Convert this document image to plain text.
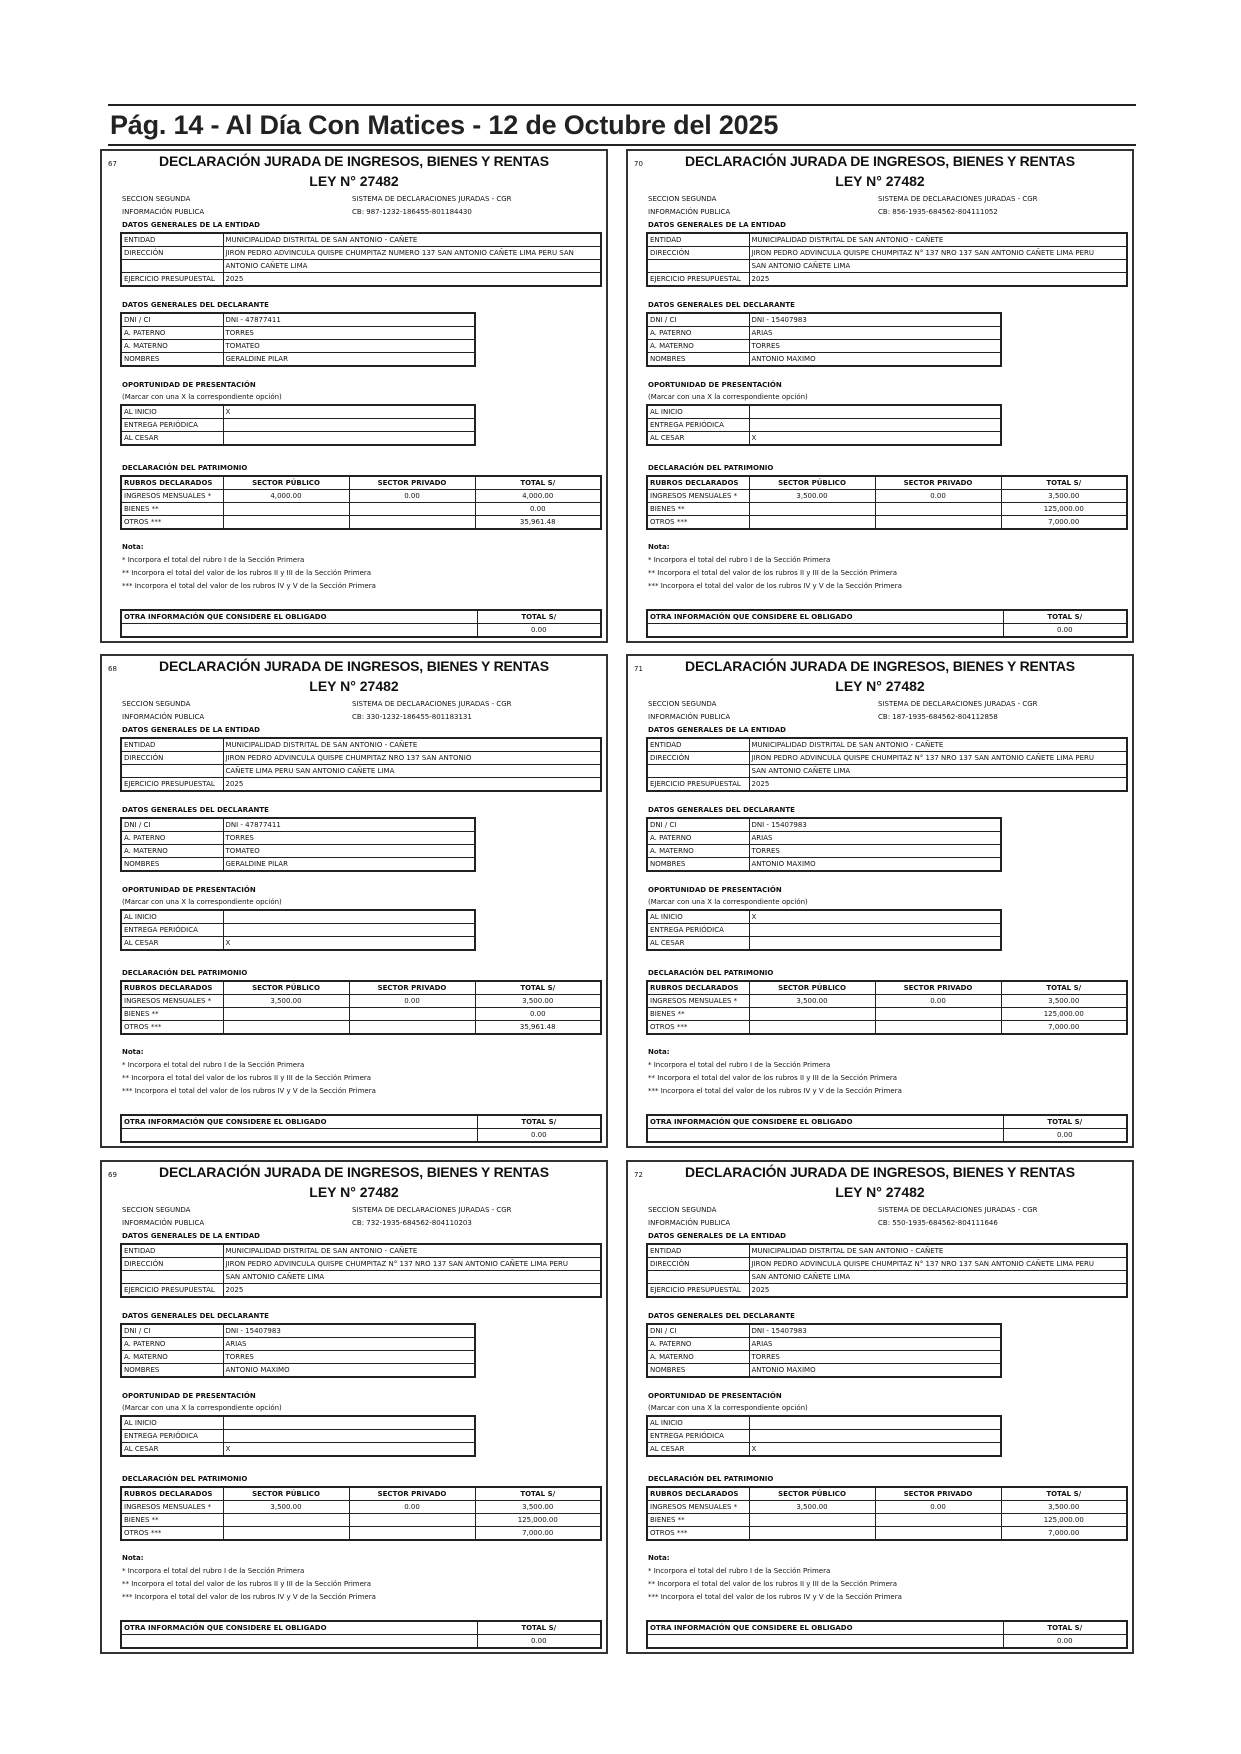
Pág. 14 - Al Día Con Matices - 12 de Octubre del 2025
67	DECLARACIÓN JURADA DE INGRESOS, BIENES Y RENTAS
LEY N° 27482
SECCION SEGUNDA
INFORMACIÓN PUBLICA
SISTEMA DE DECLARACIONES JURADAS - CGR
CB: 987-1232-186455-801184430
DATOS GENERALES DE LA ENTIDAD
ENTIDAD	MUNICIPALIDAD DISTRITAL DE SAN ANTONIO - CAÑETE
DIRECCIÓN	JIRON PEDRO ADVINCULA QUISPE CHUMPITAZ NUMERO 137 SAN ANTONIO CAÑETE LIMA PERU SAN
	ANTONIO CAÑETE LIMA
EJERCICIO PRESUPUESTAL	2025
DATOS GENERALES DEL DECLARANTE
DNI / CI	DNI - 47877411
A. PATERNO	TORRES
A. MATERNO	TOMATEO
NOMBRES	GERALDINE PILAR
OPORTUNIDAD DE PRESENTACIÓN
(Marcar con una X la correspondiente opción)
AL INICIO	X
ENTREGA PERIÓDICA	
AL CESAR	
DECLARACIÓN DEL PATRIMONIO
RUBROS DECLARADOS	SECTOR PÚBLICO	SECTOR PRIVADO	TOTAL S/
INGRESOS MENSUALES *	4,000.00	0.00	4,000.00
BIENES **			0.00
OTROS ***			35,961.48
Nota:
* Incorpora el total del rubro I de la Sección Primera
** Incorpora el total del valor de los rubros II y III de la Sección Primera
*** Incorpora el total del valor de los rubros IV y V de la Sección Primera
OTRA INFORMACIÓN QUE CONSIDERE EL OBLIGADO	TOTAL S/
	0.00
70	DECLARACIÓN JURADA DE INGRESOS, BIENES Y RENTAS
LEY N° 27482
SECCION SEGUNDA
INFORMACIÓN PUBLICA
SISTEMA DE DECLARACIONES JURADAS - CGR
CB: 856-1935-684562-804111052
DATOS GENERALES DE LA ENTIDAD
ENTIDAD	MUNICIPALIDAD DISTRITAL DE SAN ANTONIO - CAÑETE
DIRECCIÓN	JIRON PEDRO ADVINCULA QUISPE CHUMPITAZ N° 137 NRO 137 SAN ANTONIO CAÑETE LIMA PERU
	SAN ANTONIO CAÑETE LIMA
EJERCICIO PRESUPUESTAL	2025
DATOS GENERALES DEL DECLARANTE
DNI / CI	DNI - 15407983
A. PATERNO	ARIAS
A. MATERNO	TORRES
NOMBRES	ANTONIO MAXIMO
OPORTUNIDAD DE PRESENTACIÓN
(Marcar con una X la correspondiente opción)
AL INICIO	
ENTREGA PERIÓDICA	
AL CESAR	X
DECLARACIÓN DEL PATRIMONIO
RUBROS DECLARADOS	SECTOR PÚBLICO	SECTOR PRIVADO	TOTAL S/
INGRESOS MENSUALES *	3,500.00	0.00	3,500.00
BIENES **			125,000.00
OTROS ***			7,000.00
Nota:
* Incorpora el total del rubro I de la Sección Primera
** Incorpora el total del valor de los rubros II y III de la Sección Primera
*** Incorpora el total del valor de los rubros IV y V de la Sección Primera
OTRA INFORMACIÓN QUE CONSIDERE EL OBLIGADO	TOTAL S/
	0.00
68	DECLARACIÓN JURADA DE INGRESOS, BIENES Y RENTAS
LEY N° 27482
SECCION SEGUNDA
INFORMACIÓN PUBLICA
SISTEMA DE DECLARACIONES JURADAS - CGR
CB: 330-1232-186455-801183131
DATOS GENERALES DE LA ENTIDAD
ENTIDAD	MUNICIPALIDAD DISTRITAL DE SAN ANTONIO - CAÑETE
DIRECCIÓN	JIRON PEDRO ADVINCULA QUISPE CHUMPITAZ NRO 137 SAN ANTONIO
	CAÑETE LIMA PERU SAN ANTONIO CAÑETE LIMA
EJERCICIO PRESUPUESTAL	2025
DATOS GENERALES DEL DECLARANTE
DNI / CI	DNI - 47877411
A. PATERNO	TORRES
A. MATERNO	TOMATEO
NOMBRES	GERALDINE PILAR
OPORTUNIDAD DE PRESENTACIÓN
(Marcar con una X la correspondiente opción)
AL INICIO	
ENTREGA PERIÓDICA	
AL CESAR	X
DECLARACIÓN DEL PATRIMONIO
RUBROS DECLARADOS	SECTOR PÚBLICO	SECTOR PRIVADO	TOTAL S/
INGRESOS MENSUALES *	3,500.00	0.00	3,500.00
BIENES **			0.00
OTROS ***			35,961.48
Nota:
* Incorpora el total del rubro I de la Sección Primera
** Incorpora el total del valor de los rubros II y III de la Sección Primera
*** Incorpora el total del valor de los rubros IV y V de la Sección Primera
OTRA INFORMACIÓN QUE CONSIDERE EL OBLIGADO	TOTAL S/
	0.00
71	DECLARACIÓN JURADA DE INGRESOS, BIENES Y RENTAS
LEY N° 27482
SECCION SEGUNDA
INFORMACIÓN PUBLICA
SISTEMA DE DECLARACIONES JURADAS - CGR
CB: 187-1935-684562-804112858
DATOS GENERALES DE LA ENTIDAD
ENTIDAD	MUNICIPALIDAD DISTRITAL DE SAN ANTONIO - CAÑETE
DIRECCIÓN	JIRON PEDRO ADVINCULA QUISPE CHUMPITAZ N° 137 NRO 137 SAN ANTONIO CAÑETE LIMA PERU
	SAN ANTONIO CAÑETE LIMA
EJERCICIO PRESUPUESTAL	2025
DATOS GENERALES DEL DECLARANTE
DNI / CI	DNI - 15407983
A. PATERNO	ARIAS
A. MATERNO	TORRES
NOMBRES	ANTONIO MAXIMO
OPORTUNIDAD DE PRESENTACIÓN
(Marcar con una X la correspondiente opción)
AL INICIO	X
ENTREGA PERIÓDICA	
AL CESAR	
DECLARACIÓN DEL PATRIMONIO
RUBROS DECLARADOS	SECTOR PÚBLICO	SECTOR PRIVADO	TOTAL S/
INGRESOS MENSUALES *	3,500.00	0.00	3,500.00
BIENES **			125,000.00
OTROS ***			7,000.00
Nota:
* Incorpora el total del rubro I de la Sección Primera
** Incorpora el total del valor de los rubros II y III de la Sección Primera
*** Incorpora el total del valor de los rubros IV y V de la Sección Primera
OTRA INFORMACIÓN QUE CONSIDERE EL OBLIGADO	TOTAL S/
	0.00
69	DECLARACIÓN JURADA DE INGRESOS, BIENES Y RENTAS
LEY N° 27482
SECCION SEGUNDA
INFORMACIÓN PUBLICA
SISTEMA DE DECLARACIONES JURADAS - CGR
CB: 732-1935-684562-804110203
DATOS GENERALES DE LA ENTIDAD
ENTIDAD	MUNICIPALIDAD DISTRITAL DE SAN ANTONIO - CAÑETE
DIRECCIÓN	JIRON PEDRO ADVINCULA QUISPE CHUMPITAZ N° 137 NRO 137 SAN ANTONIO CAÑETE LIMA PERU
	SAN ANTONIO CAÑETE LIMA
EJERCICIO PRESUPUESTAL	2025
DATOS GENERALES DEL DECLARANTE
DNI / CI	DNI - 15407983
A. PATERNO	ARIAS
A. MATERNO	TORRES
NOMBRES	ANTONIO MAXIMO
OPORTUNIDAD DE PRESENTACIÓN
(Marcar con una X la correspondiente opción)
AL INICIO	
ENTREGA PERIÓDICA	
AL CESAR	X
DECLARACIÓN DEL PATRIMONIO
RUBROS DECLARADOS	SECTOR PÚBLICO	SECTOR PRIVADO	TOTAL S/
INGRESOS MENSUALES *	3,500.00	0.00	3,500.00
BIENES **			125,000.00
OTROS ***			7,000.00
Nota:
* Incorpora el total del rubro I de la Sección Primera
** Incorpora el total del valor de los rubros II y III de la Sección Primera
*** Incorpora el total del valor de los rubros IV y V de la Sección Primera
OTRA INFORMACIÓN QUE CONSIDERE EL OBLIGADO	TOTAL S/
	0.00
72	DECLARACIÓN JURADA DE INGRESOS, BIENES Y RENTAS
LEY N° 27482
SECCION SEGUNDA
INFORMACIÓN PUBLICA
SISTEMA DE DECLARACIONES JURADAS - CGR
CB: 550-1935-684562-804111646
DATOS GENERALES DE LA ENTIDAD
ENTIDAD	MUNICIPALIDAD DISTRITAL DE SAN ANTONIO - CAÑETE
DIRECCIÓN	JIRON PEDRO ADVINCULA QUISPE CHUMPITAZ N° 137 NRO 137 SAN ANTONIO CAÑETE LIMA PERU
	SAN ANTONIO CAÑETE LIMA
EJERCICIO PRESUPUESTAL	2025
DATOS GENERALES DEL DECLARANTE
DNI / CI	DNI - 15407983
A. PATERNO	ARIAS
A. MATERNO	TORRES
NOMBRES	ANTONIO MAXIMO
OPORTUNIDAD DE PRESENTACIÓN
(Marcar con una X la correspondiente opción)
AL INICIO	
ENTREGA PERIÓDICA	
AL CESAR	X
DECLARACIÓN DEL PATRIMONIO
RUBROS DECLARADOS	SECTOR PÚBLICO	SECTOR PRIVADO	TOTAL S/
INGRESOS MENSUALES *	3,500.00	0.00	3,500.00
BIENES **			125,000.00
OTROS ***			7,000.00
Nota:
* Incorpora el total del rubro I de la Sección Primera
** Incorpora el total del valor de los rubros II y III de la Sección Primera
*** Incorpora el total del valor de los rubros IV y V de la Sección Primera
OTRA INFORMACIÓN QUE CONSIDERE EL OBLIGADO	TOTAL S/
	0.00
